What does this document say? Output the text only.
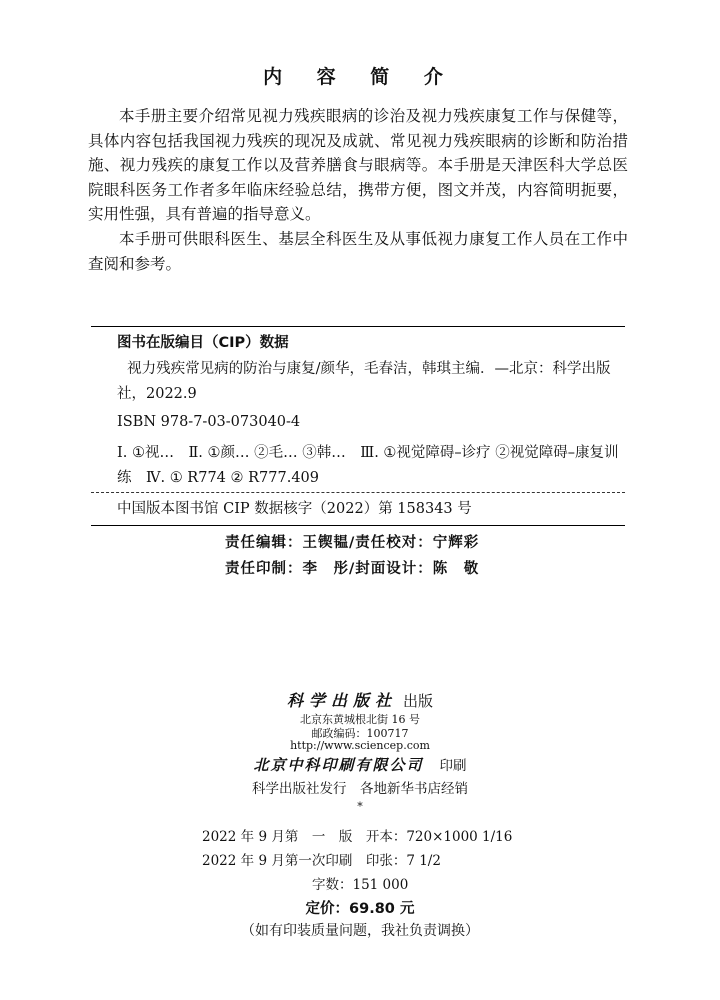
内 容 简 介

本手册主要介绍常见视力残疾眼病的诊治及视力残疾康复工作与保健等，具体内容包括我国视力残疾的现况及成就、常见视力残疾眼病的诊断和防治措施、视力残疾的康复工作以及营养膳食与眼病等。本手册是天津医科大学总医院眼科医务工作者多年临床经验总结，携带方便，图文并茂，内容简明扼要，实用性强，具有普遍的指导意义。

本手册可供眼科医生、基层全科医生及从事低视力康复工作人员在工作中查阅和参考。

图书在版编目（CIP）数据
视力残疾常见病的防治与康复/颜华，毛春洁，韩琪主编．—北京：科学出版社，2022.9
ISBN 978-7-03-073040-4
Ⅰ. ①视…　Ⅱ. ①颜… ②毛… ③韩…　Ⅲ. ①视觉障碍–诊疗 ②视觉障碍–康复训练　Ⅳ. ① R774 ② R777.409
中国版本图书馆 CIP 数据核字（2022）第 158343 号
责任编辑：王锲韫/责任校对：宁辉彩
责任印制：李　彤/封面设计：陈　敬
科学出版社 出版
北京东黄城根北街 16 号
邮政编码：100717
http://www.sciencep.com
北京中科印刷有限公司　 印刷
科学出版社发行　各地新华书店经销
*
2022 年 9 月第　一　版　开本：720×1000 1/16
2022 年 9 月第一次印刷　印张：7 1/2
字数：151 000
定价：69.80 元
（如有印装质量问题，我社负责调换）
